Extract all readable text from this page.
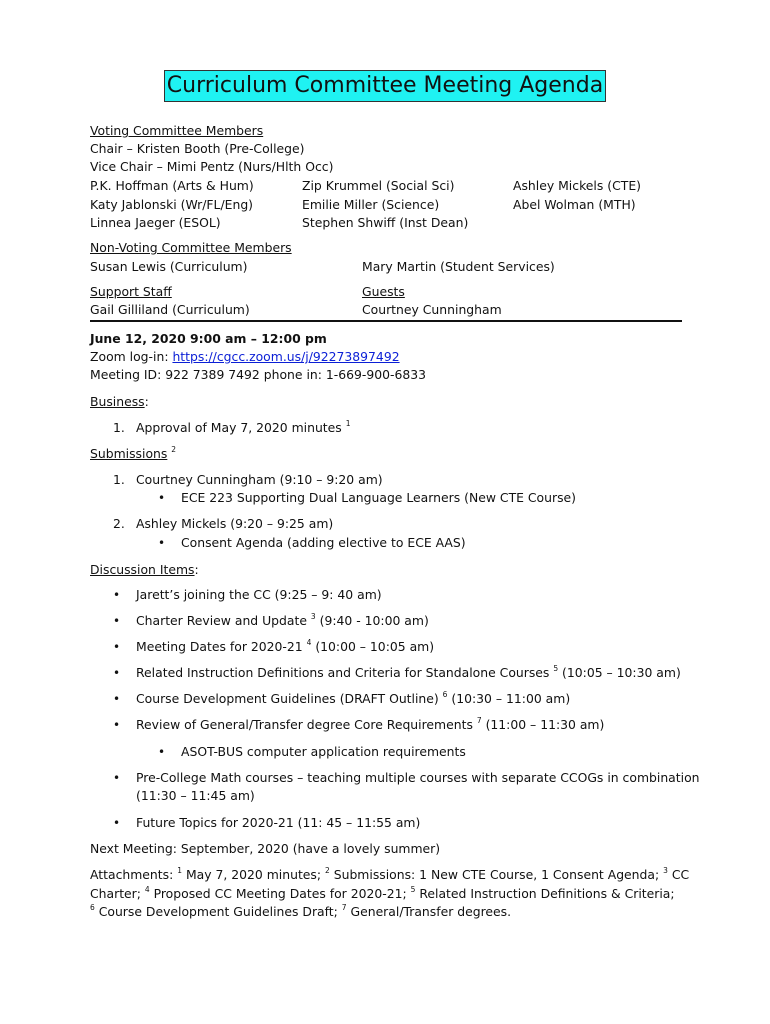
Curriculum Committee Meeting Agenda
Voting Committee Members
Chair – Kristen Booth (Pre-College)
Vice Chair – Mimi Pentz (Nurs/Hlth Occ)
P.K. Hoffman (Arts & Hum)
Katy Jablonski (Wr/FL/Eng)
Linnea Jaeger (ESOL)
Zip Krummel (Social Sci)
Emilie Miller (Science)
Stephen Shwiff (Inst Dean)
Ashley Mickels (CTE)
Abel Wolman (MTH)
Non-Voting Committee Members
Susan Lewis (Curriculum)	Mary Martin (Student Services)
Support Staff
Gail Gilliland (Curriculum)
Guests
Courtney Cunningham
June 12, 2020 9:00 am – 12:00 pm
Zoom log-in: https://cgcc.zoom.us/j/92273897492
Meeting ID: 922 7389 7492 phone in: 1-669-900-6833
Business:
1. Approval of May 7, 2020 minutes $^1$
Submissions $^2$
1. Courtney Cunningham (9:10 – 9:20 am)
• ECE 223 Supporting Dual Language Learners (New CTE Course)
2. Ashley Mickels (9:20 – 9:25 am)
• Consent Agenda (adding elective to ECE AAS)
Discussion Items:
• Jarett’s joining the CC (9:25 – 9: 40 am)
• Charter Review and Update $^3$ (9:40 - 10:00 am)
• Meeting Dates for 2020-21 $^4$ (10:00 – 10:05 am)
• Related Instruction Definitions and Criteria for Standalone Courses $^5$ (10:05 – 10:30 am)
• Course Development Guidelines (DRAFT Outline) $^6$ (10:30 – 11:00 am)
• Review of General/Transfer degree Core Requirements $^7$ (11:00 – 11:30 am)
• ASOT-BUS computer application requirements
• Pre-College Math courses – teaching multiple courses with separate CCOGs in combination
(11:30 – 11:45 am)
• Future Topics for 2020-21 (11: 45 – 11:55 am)
Next Meeting: September, 2020 (have a lovely summer)
Attachments: $^1$ May 7, 2020 minutes; $^2$ Submissions: 1 New CTE Course, 1 Consent Agenda; $^3$ CC
Charter; $^4$ Proposed CC Meeting Dates for 2020-21; $^5$ Related Instruction Definitions & Criteria;
$^6$ Course Development Guidelines Draft; $^7$ General/Transfer degrees.
